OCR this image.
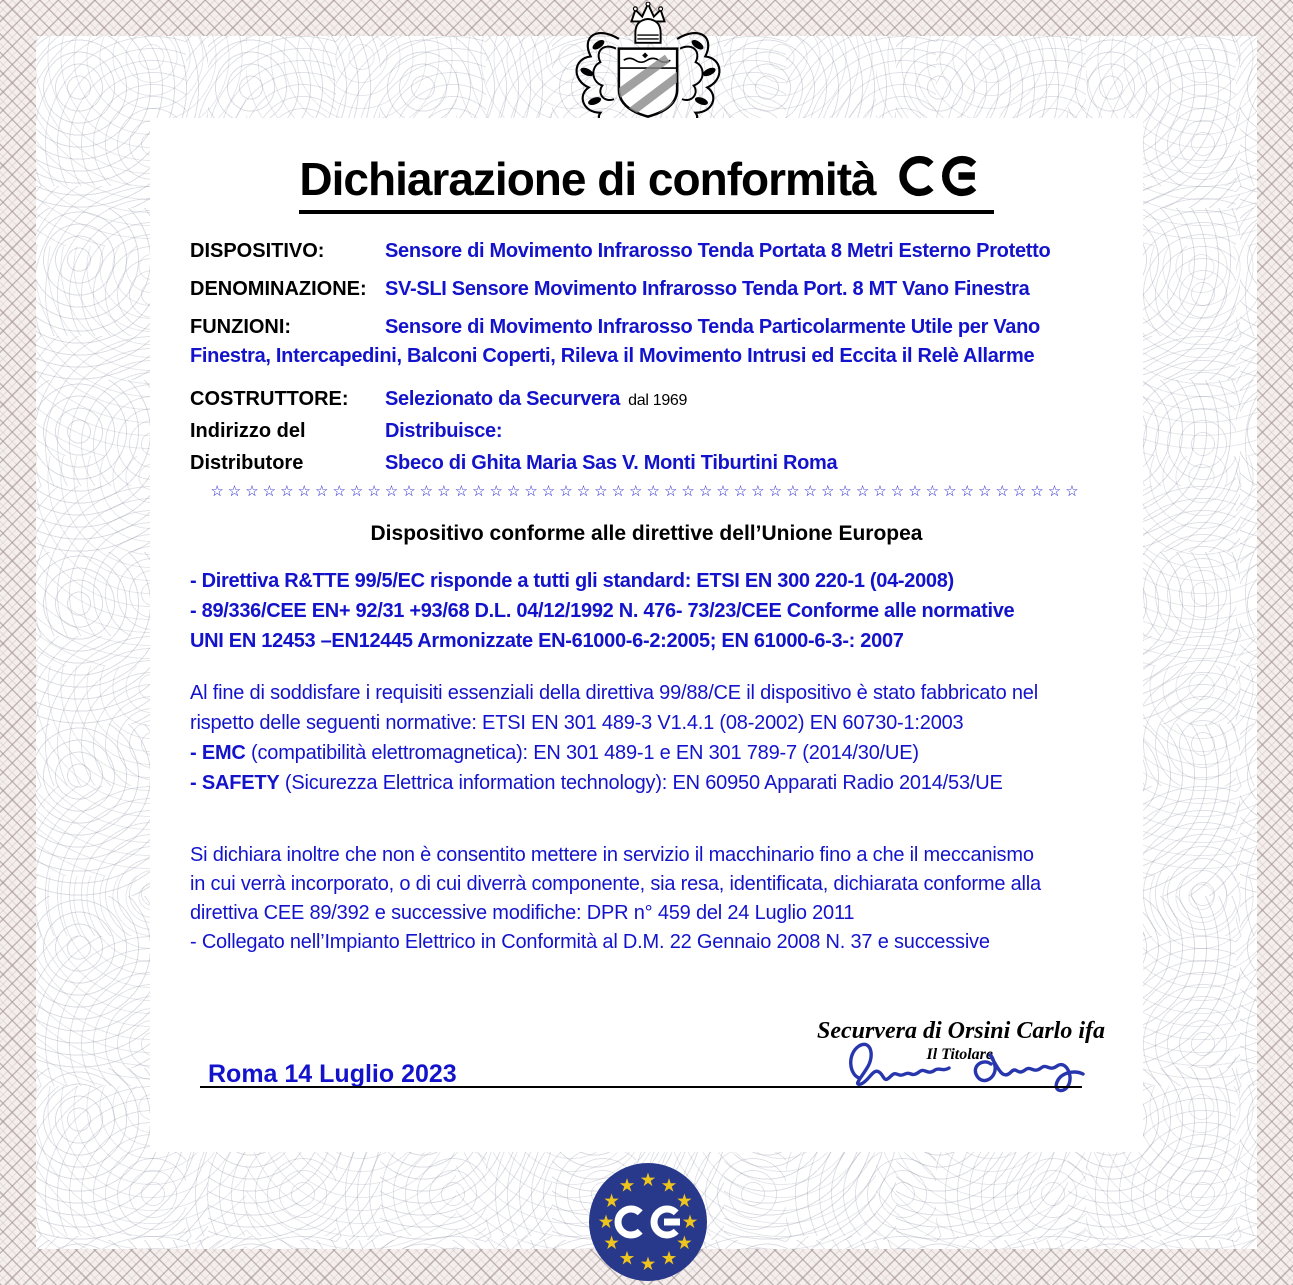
Dichiarazione di conformità
DISPOSITIVO:	Sensore di Movimento Infrarosso Tenda Portata 8 Metri Esterno Protetto
DENOMINAZIONE: SV-SLI Sensore Movimento Infrarosso Tenda Port. 8 MT Vano Finestra
FUNZIONI:	Sensore di Movimento Infrarosso Tenda Particolarmente Utile per Vano
Finestra, Intercapedini, Balconi Coperti, Rileva il Movimento Intrusi ed Eccita il Relè Allarme
COSTRUTTORE: Selezionato da Securvera dal 1969
Indirizzo del	Distribuisce:
Distributore	Sbeco di Ghita Maria Sas V. Monti Tiburtini Roma
☆☆☆☆☆☆☆☆☆☆☆☆☆☆☆☆☆☆☆☆☆☆☆☆☆☆☆☆☆☆☆☆☆☆☆☆☆☆☆☆☆☆☆☆☆☆☆☆☆☆
Dispositivo conforme alle direttive dell’Unione Europea
- Direttiva R&TTE 99/5/EC risponde a tutti gli standard: ETSI EN 300 220-1 (04-2008)
- 89/336/CEE EN+ 92/31 +93/68 D.L. 04/12/1992 N. 476- 73/23/CEE Conforme alle normative
UNI EN 12453 –EN12445 Armonizzate EN-61000-6-2:2005; EN 61000-6-3-: 2007
Al fine di soddisfare i requisiti essenziali della direttiva 99/88/CE il dispositivo è stato fabbricato nel
rispetto delle seguenti normative: ETSI EN 301 489-3 V1.4.1 (08-2002) EN 60730-1:2003
- EMC (compatibilità elettromagnetica): EN 301 489-1 e EN 301 789-7 (2014/30/UE)
- SAFETY (Sicurezza Elettrica information technology): EN 60950 Apparati Radio 2014/53/UE
Si dichiara inoltre che non è consentito mettere in servizio il macchinario fino a che il meccanismo
in cui verrà incorporato, o di cui diverrà componente, sia resa, identificata, dichiarata conforme alla
direttiva CEE 89/392 e successive modifiche: DPR n° 459 del 24 Luglio 2011
- Collegato nell’Impianto Elettrico in Conformità al D.M. 22 Gennaio 2008 N. 37 e successive
Securvera di Orsini Carlo ifa
Il Titolare
Roma 14 Luglio 2023
